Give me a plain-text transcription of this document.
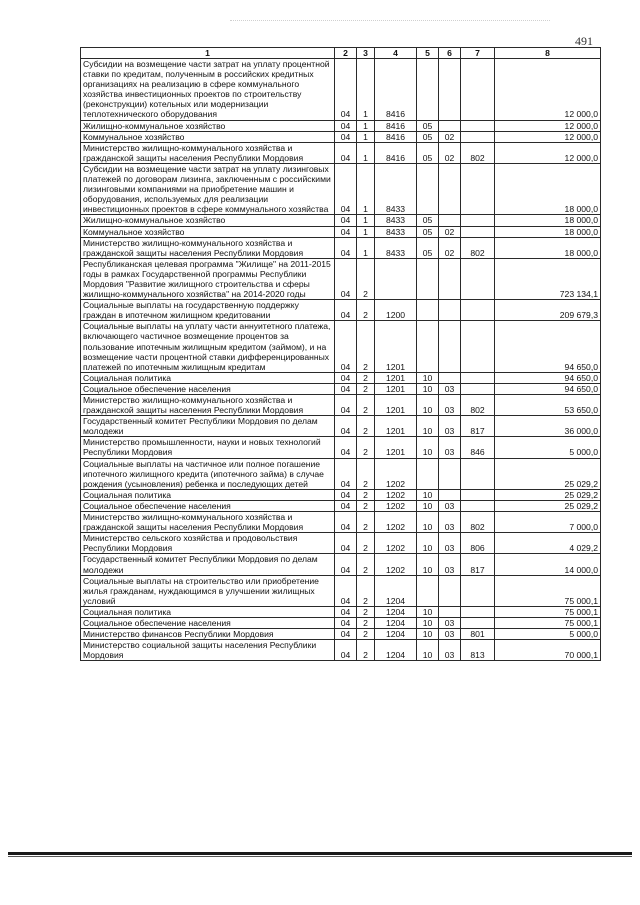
491
1	2	3	4	5	6	7	8
Субсидии на возмещение части затрат на уплату процентной ставки по кредитам, полученным в российских кредитных организациях на реализацию в сфере коммунального хозяйства инвестиционных проектов по строительству (реконструкции) котельных или модернизации теплотехнического оборудования	04	1	8416				12 000,0
Жилищно-коммунальное хозяйство	04	1	8416	05			12 000,0
Коммунальное хозяйство	04	1	8416	05	02		12 000,0
Министерство жилищно-коммунального хозяйства и гражданской защиты населения Республики Мордовия	04	1	8416	05	02	802	12 000,0
Субсидии на возмещение части затрат на уплату лизинговых платежей по договорам лизинга, заключенным с российскими лизинговыми компаниями на приобретение машин и оборудования, используемых для реализации инвестиционных проектов в сфере коммунального хозяйства	04	1	8433				18 000,0
Жилищно-коммунальное хозяйство	04	1	8433	05			18 000,0
Коммунальное хозяйство	04	1	8433	05	02		18 000,0
Министерство жилищно-коммунального хозяйства и гражданской защиты населения Республики Мордовия	04	1	8433	05	02	802	18 000,0
Республиканская целевая программа "Жилище" на 2011-2015 годы в рамках Государственной программы Республики Мордовия "Развитие жилищного строительства и сферы жилищно-коммунального хозяйства" на 2014-2020 годы	04	2					723 134,1
Социальные выплаты на государственную поддержку граждан в ипотечном жилищном кредитовании	04	2	1200				209 679,3
Социальные выплаты на уплату части аннуитетного платежа, включающего частичное возмещение процентов за пользование ипотечным жилищным кредитом (займом), и на возмещение части процентной ставки дифференцированных платежей по ипотечным жилищным кредитам	04	2	1201				94 650,0
Социальная политика	04	2	1201	10			94 650,0
Социальное обеспечение населения	04	2	1201	10	03		94 650,0
Министерство жилищно-коммунального хозяйства и гражданской защиты населения Республики Мордовия	04	2	1201	10	03	802	53 650,0
Государственный комитет Республики Мордовия по делам молодежи	04	2	1201	10	03	817	36 000,0
Министерство промышленности, науки и новых технологий Республики Мордовия	04	2	1201	10	03	846	5 000,0
Социальные выплаты на частичное или полное погашение ипотечного жилищного кредита (ипотечного займа) в случае рождения (усыновления) ребенка и последующих детей	04	2	1202				25 029,2
Социальная политика	04	2	1202	10			25 029,2
Социальное обеспечение населения	04	2	1202	10	03		25 029,2
Министерство жилищно-коммунального хозяйства и гражданской защиты населения Республики Мордовия	04	2	1202	10	03	802	7 000,0
Министерство сельского хозяйства и продовольствия Республики Мордовия	04	2	1202	10	03	806	4 029,2
Государственный комитет Республики Мордовия по делам молодежи	04	2	1202	10	03	817	14 000,0
Социальные выплаты на строительство или приобретение жилья гражданам, нуждающимся в улучшении жилищных условий	04	2	1204				75 000,1
Социальная политика	04	2	1204	10			75 000,1
Социальное обеспечение населения	04	2	1204	10	03		75 000,1
Министерство финансов Республики Мордовия	04	2	1204	10	03	801	5 000,0
Министерство социальной защиты населения Республики Мордовия	04	2	1204	10	03	813	70 000,1
